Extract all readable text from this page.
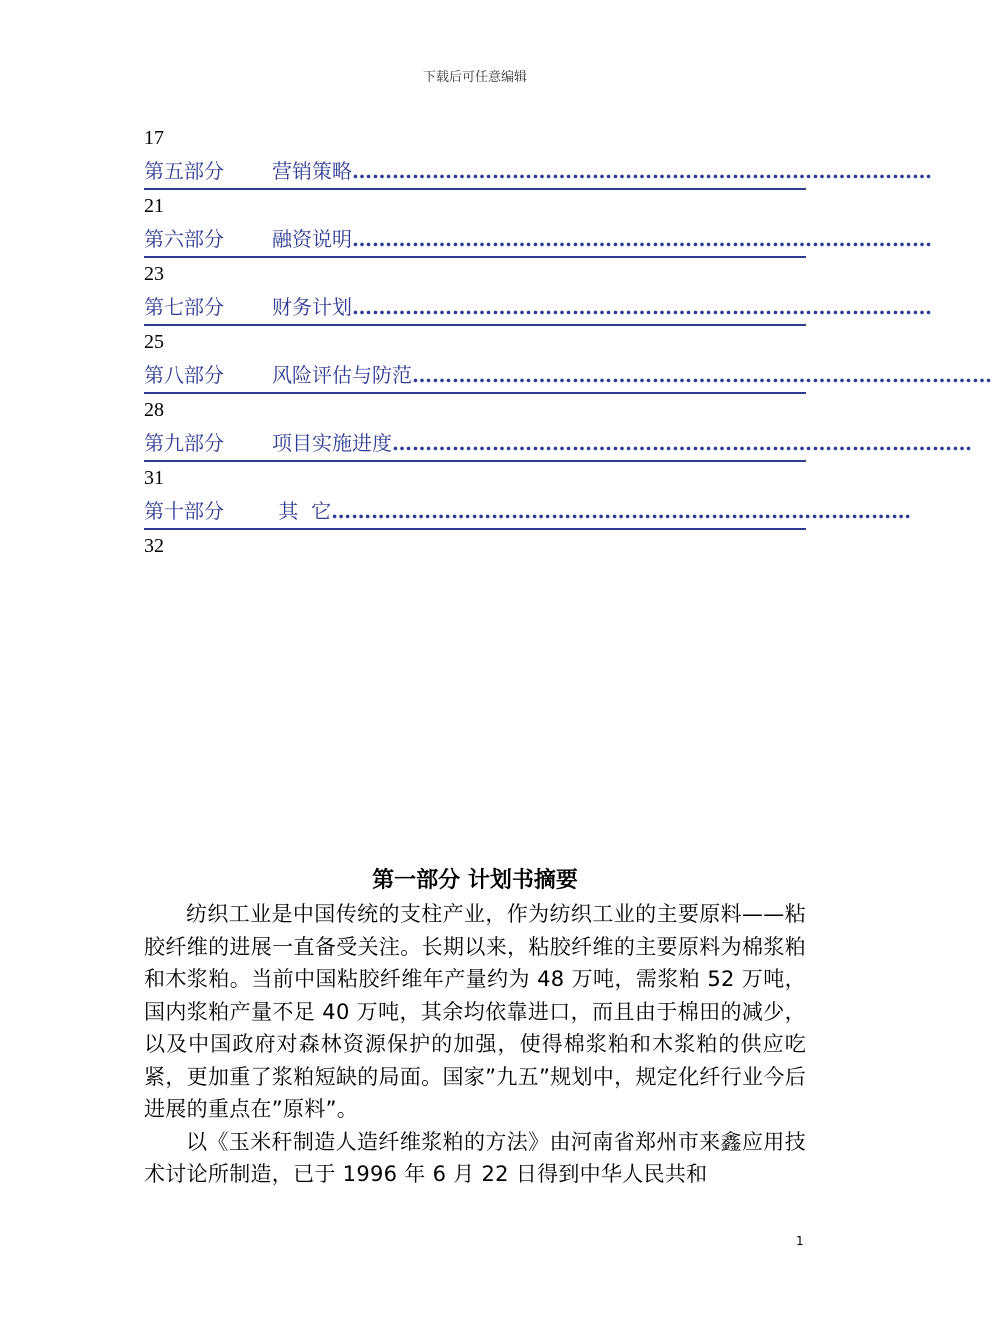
下载后可任意编辑
17
第五部分 营销策略……………………………………………………………………………
21
第六部分 融资说明……………………………………………………………………………
23
第七部分 财务计划……………………………………………………………………………
25
第八部分 风险评估与防范……………………………………………………………………………
28
第九部分 项目实施进度……………………………………………………………………………
31
第十部分 其  它……………………………………………………………………………
32
第一部分 计划书摘要

纺织工业是中国传统的支柱产业，作为纺织工业的主要原料——粘胶纤维的进展一直备受关注。长期以来，粘胶纤维的主要原料为棉浆粕和木浆粕。当前中国粘胶纤维年产量约为 48 万吨，需浆粕 52 万吨，国内浆粕产量不足 40 万吨，其余均依靠进口，而且由于棉田的减少，以及中国政府对森林资源保护的加强，使得棉浆粕和木浆粕的供应吃紧，更加重了浆粕短缺的局面。国家”九五”规划中，规定化纤行业今后进展的重点在”原料”。

以《玉米秆制造人造纤维浆粕的方法》由河南省郑州市来鑫应用技术讨论所制造，已于 1996 年 6 月 22 日得到中华人民共和

1
